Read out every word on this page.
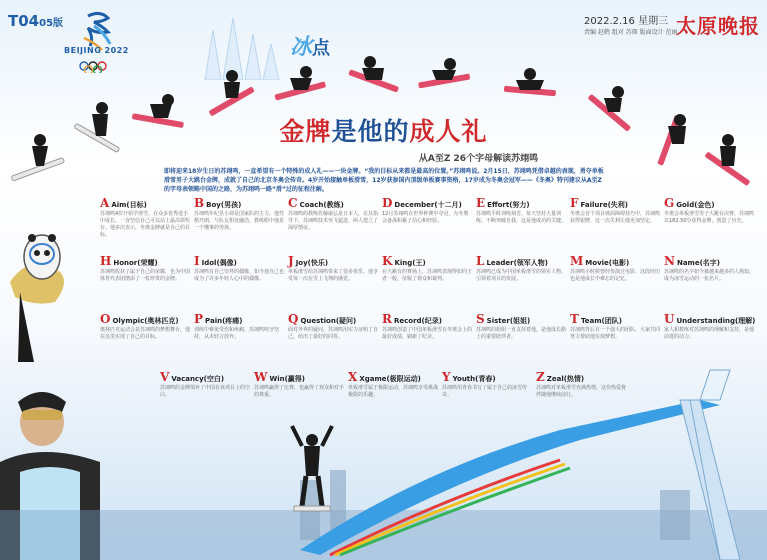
T0405版
BEIJING 2022
2022.2.16 星期三
责编 赵鹤 组对 苏琛 版面设计 范丽
太原晚报
冰点
金牌是他的成人礼
从A至Z 26个字母解读苏翊鸣
即将迎来18岁生日的苏翊鸣，一直希望有一个特殊的成人礼——一块金牌。“我的目标从来都是最高的位置。”苏翊鸣说。2月15日，苏翊鸣凭借卓越的表现，勇夺单板滑雪男子大跳台金牌，成就了自己的北京冬奥会传奇。4岁开始接触单板滑雪，12岁获参国内顶级单板赛事资格，17岁成为冬奥会冠军——《冬奥》特刊建议从A至Z的字母表领略中国的之路，为苏翊鸣一路“滑”过的征程注解。
A Aim(目标)
苏翊鸣4岁开始学滑雪，在众多优秀选手中成长，一直坚信自己可以站上最高领奖台。他多次表示，冬奥金牌就是自己的目标。
B Boy(男孩)
苏翊鸣年纪虽小却是国家队的主力。他性格开朗，与队友相处融洽，教练眼中他是一个懂事的男孩。
C Coach(教练)
苏翊鸣的教练佐藤康弘是日本人，在其指导下，苏翊鸣技术突飞猛进，两人建立了深厚情谊。
D December(十二月)
12月苏翊鸣在世界杯赛中夺冠，为冬奥会备战积累了信心和经验。
E Effort(努力)
苏翊鸣平时训练刻苦，每天坚持大量训练，不断突破自我，这是他成功的关键。
F Failure(失利)
冬奥会首个项目坡面障碍技巧中，苏翊鸣获得银牌，这一次失利让他更加坚定。
G Gold(金色)
冬奥会单板滑雪男子大跳台决赛，苏翊鸣以182.50分获得金牌，创造了历史。
H Honor(荣耀)
苏翊鸣收获了属于自己的荣耀，也为中国体育代表团增添了一枚珍贵的金牌。
I Idol(偶像)
苏翊鸣有自己崇拜的偶像，如今他自己也成为了许多年轻人心中的偶像。
J Joy(快乐)
单板滑雪给苏翊鸣带来了很多快乐，他享受每一次在雪上飞翔的感觉。
K King(王)
在大跳台的赛场上，苏翊鸣表现得如同王者一般，征服了观众和裁判。
L Leader(领军人物)
苏翊鸣已成为中国单板滑雪的领军人物，引领着项目的发展。
M Movie(电影)
苏翊鸣小时候曾经参演过电影，这段经历也是他成长中难忘的记忆。
N Name(名字)
苏翊鸣的名字如今被越来越多的人熟知，成为冰雪运动的一张名片。
O Olympic(奥林匹克)
奥林匹克运动会是苏翊鸣的梦想舞台，他在这里实现了自己的目标。
P Pain(疼痛)
训练中难免受伤和疼痛，苏翊鸣咬牙坚持，从未轻言放弃。
Q Question(疑问)
面对外界的疑问，苏翊鸣用实力证明了自己，给出了最好的回答。
R Record(纪录)
苏翊鸣创造了中国单板滑雪在冬奥会上的最好成绩，刷新了纪录。
S Sister(姐姐)
苏翊鸣的姐姐一直支持着他，是他成长路上的重要陪伴者。
T Team(团队)
苏翊鸣背后有一个强大的团队，大家共同努力帮助他实现梦想。
U Understanding(理解)
家人和教练对苏翊鸣的理解和支持，是他前进的动力。
V Vacancy(空白)
苏翊鸣的金牌填补了中国在该项目上的空白。
W Win(赢得)
苏翊鸣赢得了比赛，也赢得了观众和对手的尊重。
X Xgame(极限运动)
单板滑雪属于极限运动，苏翊鸣享受挑战极限的乐趣。
Y Youth(青春)
苏翊鸣用青春书写了属于自己的冰雪传奇。
Z Zeal(热情)
苏翊鸣对单板滑雪充满热情，这份热爱将伴随他继续前行。
